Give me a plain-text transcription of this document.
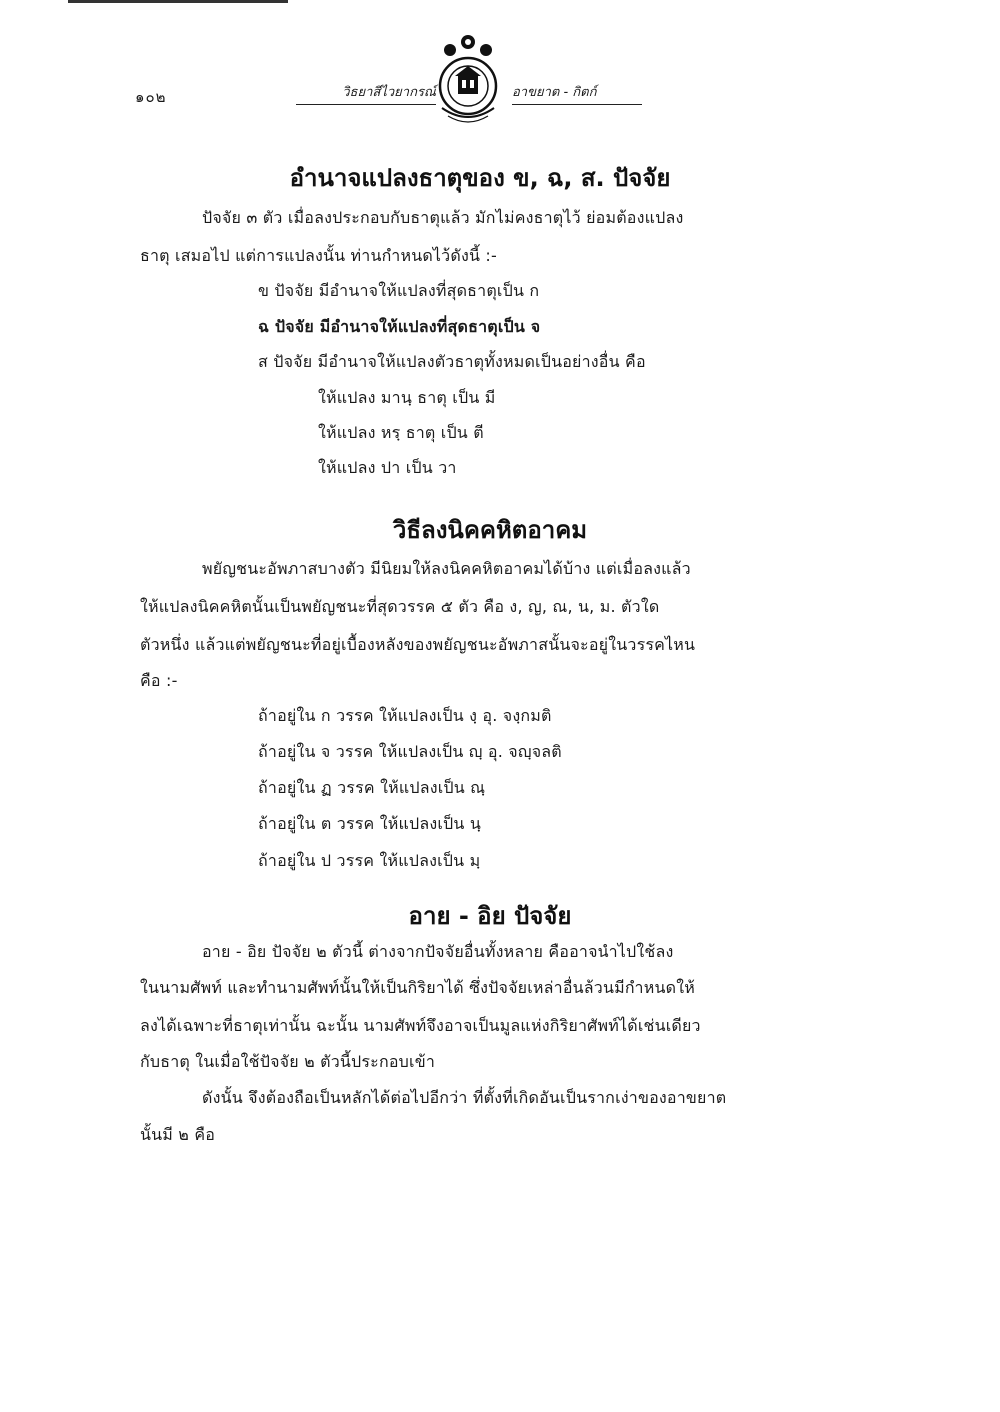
๑๐๒	วิธยาสีไวยากรณ์	อาขยาต - กิตก์
อำนาจแปลงธาตุของ ข, ฉ, ส. ปัจจัย
ปัจจัย ๓ ตัว เมื่อลงประกอบกับธาตุแล้ว มักไม่คงธาตุไว้ ย่อมต้องแปลง
ธาตุ เสมอไป แต่การแปลงนั้น ท่านกำหนดไว้ดังนี้ :-
ข ปัจจัย มีอำนาจให้แปลงที่สุดธาตุเป็น ก
ฉ ปัจจัย มีอำนาจให้แปลงที่สุดธาตุเป็น จ
ส ปัจจัย มีอำนาจให้แปลงตัวธาตุทั้งหมดเป็นอย่างอื่น คือ
ให้แปลง มานฺ ธาตุ เป็น มี
ให้แปลง หรฺ ธาตุ เป็น ตี
ให้แปลง ปา เป็น วา
วิธีลงนิคคหิตอาคม
พยัญชนะอัพภาสบางตัว มีนิยมให้ลงนิคคหิตอาคมได้บ้าง แต่เมื่อลงแล้ว
ให้แปลงนิคคหิตนั้นเป็นพยัญชนะที่สุดวรรค ๕ ตัว คือ ง, ญ, ณ, น, ม. ตัวใด
ตัวหนึ่ง แล้วแต่พยัญชนะที่อยู่เบื้องหลังของพยัญชนะอัพภาสนั้นจะอยู่ในวรรคไหน
คือ :-
ถ้าอยู่ใน ก วรรค ให้แปลงเป็น งฺ อุ. จงฺกมติ
ถ้าอยู่ใน จ วรรค ให้แปลงเป็น ญฺ อุ. จญฺจลติ
ถ้าอยู่ใน ฏ วรรค ให้แปลงเป็น ณฺ
ถ้าอยู่ใน ต วรรค ให้แปลงเป็น นฺ
ถ้าอยู่ใน ป วรรค ให้แปลงเป็น มฺ
อาย - อิย ปัจจัย
อาย - อิย ปัจจัย ๒ ตัวนี้ ต่างจากปัจจัยอื่นทั้งหลาย คืออาจนำไปใช้ลง
ในนามศัพท์ และทำนามศัพท์นั้นให้เป็นกิริยาได้ ซึ่งปัจจัยเหล่าอื่นล้วนมีกำหนดให้
ลงได้เฉพาะที่ธาตุเท่านั้น ฉะนั้น นามศัพท์จึงอาจเป็นมูลแห่งกิริยาศัพท์ได้เช่นเดียว
กับธาตุ ในเมื่อใช้ปัจจัย ๒ ตัวนี้ประกอบเข้า
ดังนั้น จึงต้องถือเป็นหลักได้ต่อไปอีกว่า ที่ตั้งที่เกิดอันเป็นรากเง่าของอาขยาต
นั้นมี ๒ คือ
